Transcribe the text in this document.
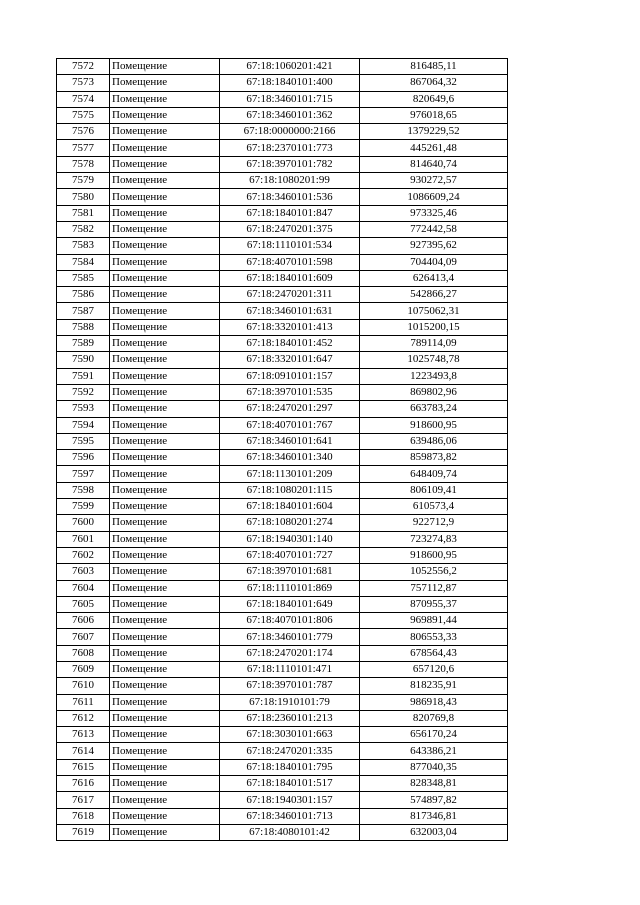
7572	Помещение	67:18:1060201:421	816485,11
7573	Помещение	67:18:1840101:400	867064,32
7574	Помещение	67:18:3460101:715	820649,6
7575	Помещение	67:18:3460101:362	976018,65
7576	Помещение	67:18:0000000:2166	1379229,52
7577	Помещение	67:18:2370101:773	445261,48
7578	Помещение	67:18:3970101:782	814640,74
7579	Помещение	67:18:1080201:99	930272,57
7580	Помещение	67:18:3460101:536	1086609,24
7581	Помещение	67:18:1840101:847	973325,46
7582	Помещение	67:18:2470201:375	772442,58
7583	Помещение	67:18:1110101:534	927395,62
7584	Помещение	67:18:4070101:598	704404,09
7585	Помещение	67:18:1840101:609	626413,4
7586	Помещение	67:18:2470201:311	542866,27
7587	Помещение	67:18:3460101:631	1075062,31
7588	Помещение	67:18:3320101:413	1015200,15
7589	Помещение	67:18:1840101:452	789114,09
7590	Помещение	67:18:3320101:647	1025748,78
7591	Помещение	67:18:0910101:157	1223493,8
7592	Помещение	67:18:3970101:535	869802,96
7593	Помещение	67:18:2470201:297	663783,24
7594	Помещение	67:18:4070101:767	918600,95
7595	Помещение	67:18:3460101:641	639486,06
7596	Помещение	67:18:3460101:340	859873,82
7597	Помещение	67:18:1130101:209	648409,74
7598	Помещение	67:18:1080201:115	806109,41
7599	Помещение	67:18:1840101:604	610573,4
7600	Помещение	67:18:1080201:274	922712,9
7601	Помещение	67:18:1940301:140	723274,83
7602	Помещение	67:18:4070101:727	918600,95
7603	Помещение	67:18:3970101:681	1052556,2
7604	Помещение	67:18:1110101:869	757112,87
7605	Помещение	67:18:1840101:649	870955,37
7606	Помещение	67:18:4070101:806	969891,44
7607	Помещение	67:18:3460101:779	806553,33
7608	Помещение	67:18:2470201:174	678564,43
7609	Помещение	67:18:1110101:471	657120,6
7610	Помещение	67:18:3970101:787	818235,91
7611	Помещение	67:18:1910101:79	986918,43
7612	Помещение	67:18:2360101:213	820769,8
7613	Помещение	67:18:3030101:663	656170,24
7614	Помещение	67:18:2470201:335	643386,21
7615	Помещение	67:18:1840101:795	877040,35
7616	Помещение	67:18:1840101:517	828348,81
7617	Помещение	67:18:1940301:157	574897,82
7618	Помещение	67:18:3460101:713	817346,81
7619	Помещение	67:18:4080101:42	632003,04
